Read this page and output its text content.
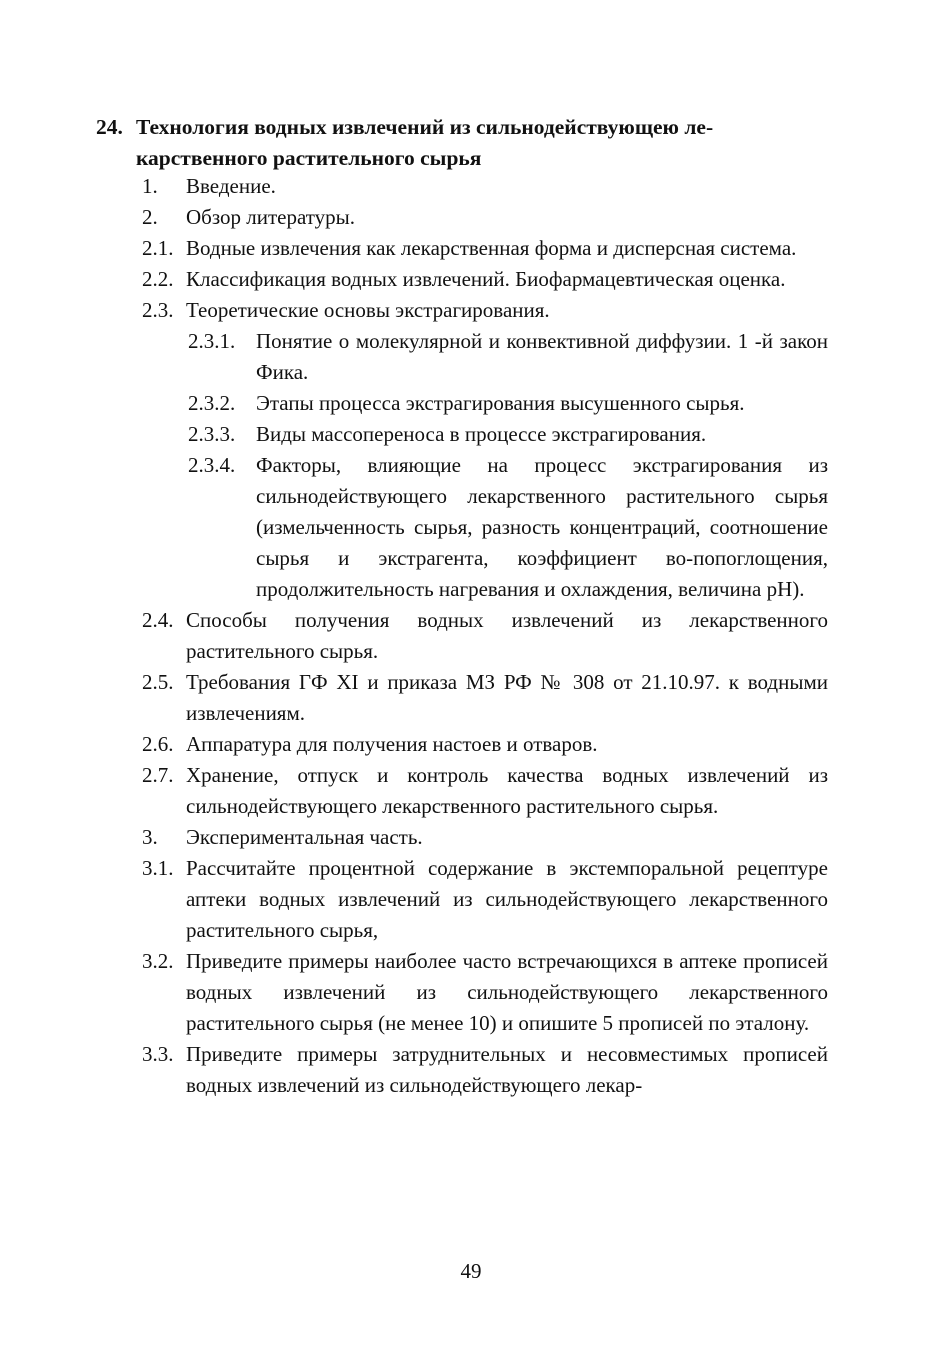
24. Технология водных извлечений из сильнодействующею ле-
карственного растительного сырья
1. Введение.
2. Обзор литературы.
2.1. Водные извлечения как лекарственная форма и дисперсная система.
2.2. Классификация водных извлечений. Биофармацевтическая оценка.
2.3. Теоретические основы экстрагирования.
2.3.1. Понятие о молекулярной и конвективной диффузии. 1 -й закон Фика.
2.3.2. Этапы процесса экстрагирования высушенного сырья.
2.3.3. Виды массопереноса в процессе экстрагирования.
2.3.4. Факторы, влияющие на процесс экстрагирования из сильнодействующего лекарственного растительного сырья (измельченность сырья, разность концентраций, соотношение сырья и экстрагента, коэффициент во-попоглощения, продолжительность нагревания и охлаждения, величина pH).
2.4. Способы получения водных извлечений из лекарственного растительного сырья.
2.5. Требования ГФ XI и приказа МЗ РФ № 308 от 21.10.97. к водными извлечениям.
2.6. Аппаратура для получения настоев и отваров.
2.7. Хранение, отпуск и контроль качества водных извлечений из сильнодействующего лекарственного растительного сырья.
3. Экспериментальная часть.
3.1. Рассчитайте процентной содержание в экстемпоральной рецептуре аптеки водных извлечений из сильнодействующего лекарственного растительного сырья,
3.2. Приведите примеры наиболее часто встречающихся в аптеке прописей водных извлечений из сильнодействующего лекарственного растительного сырья (не менее 10) и опишите 5 прописей по эталону.
3.3. Приведите примеры затруднительных и несовместимых прописей водных извлечений из сильнодействующего лекар-
49
